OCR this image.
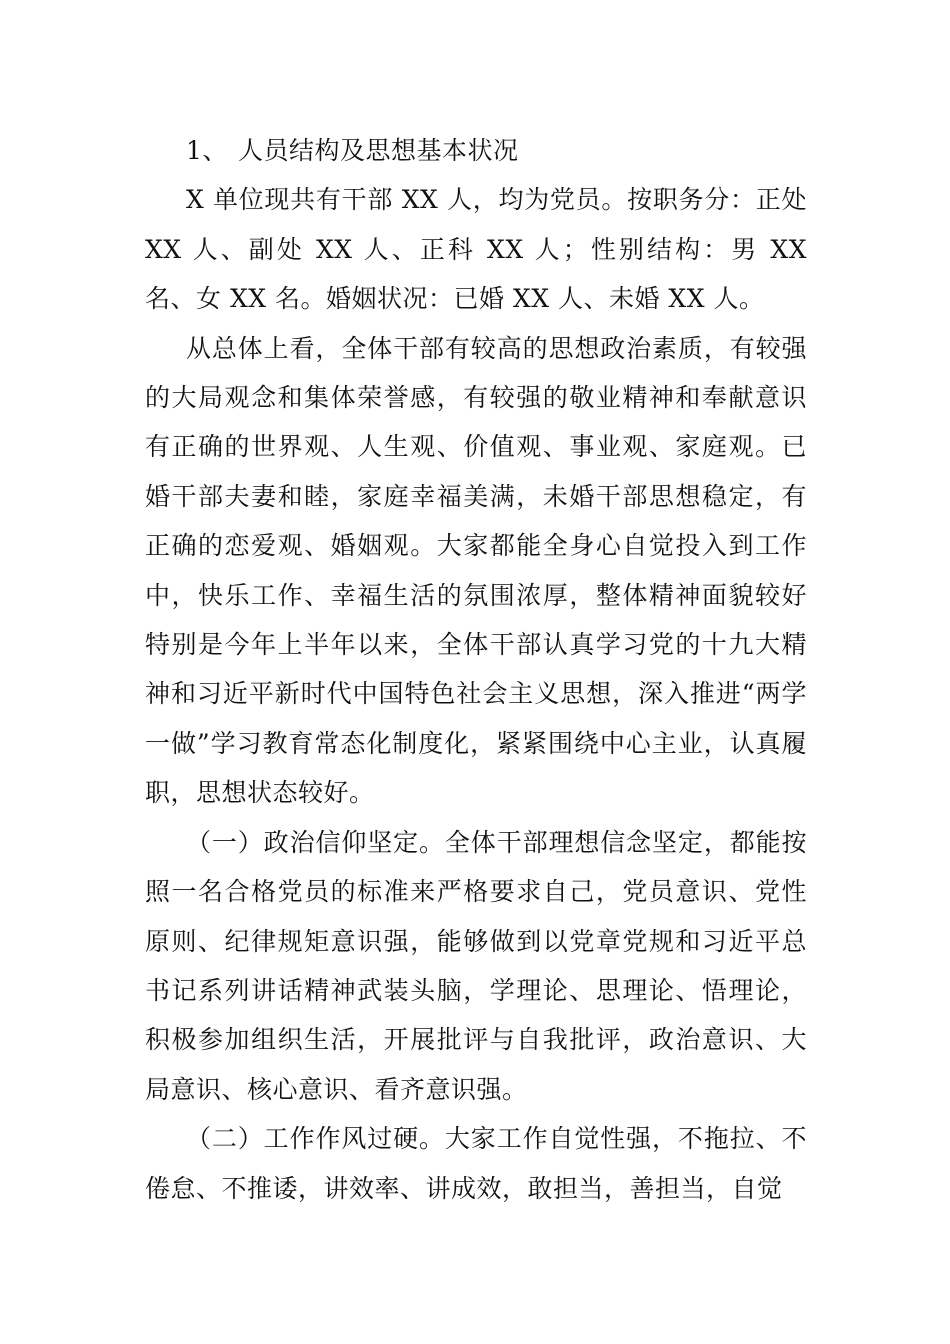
1、 人员结构及思想基本状况

X 单位现共有干部 XX 人，均为党员。按职务分：正处 XX 人、副处 XX 人、正科 XX 人；性别结构：男 XX 名、女 XX 名。婚姻状况：已婚 XX 人、未婚 XX 人。

从总体上看，全体干部有较高的思想政治素质，有较强的大局观念和集体荣誉感，有较强的敬业精神和奉献意识有正确的世界观、人生观、价值观、事业观、家庭观。已婚干部夫妻和睦，家庭幸福美满，未婚干部思想稳定，有正确的恋爱观、婚姻观。大家都能全身心自觉投入到工作中，快乐工作、幸福生活的氛围浓厚，整体精神面貌较好特别是今年上半年以来，全体干部认真学习党的十九大精神和习近平新时代中国特色社会主义思想，深入推进“两学一做”学习教育常态化制度化，紧紧围绕中心主业，认真履职，思想状态较好。

（一）政治信仰坚定。全体干部理想信念坚定，都能按照一名合格党员的标准来严格要求自己，党员意识、党性原则、纪律规矩意识强，能够做到以党章党规和习近平总书记系列讲话精神武装头脑，学理论、思理论、悟理论，积极参加组织生活，开展批评与自我批评，政治意识、大局意识、核心意识、看齐意识强。

（二）工作作风过硬。大家工作自觉性强，不拖拉、不倦怠、不推诿，讲效率、讲成效，敢担当，善担当，自觉
